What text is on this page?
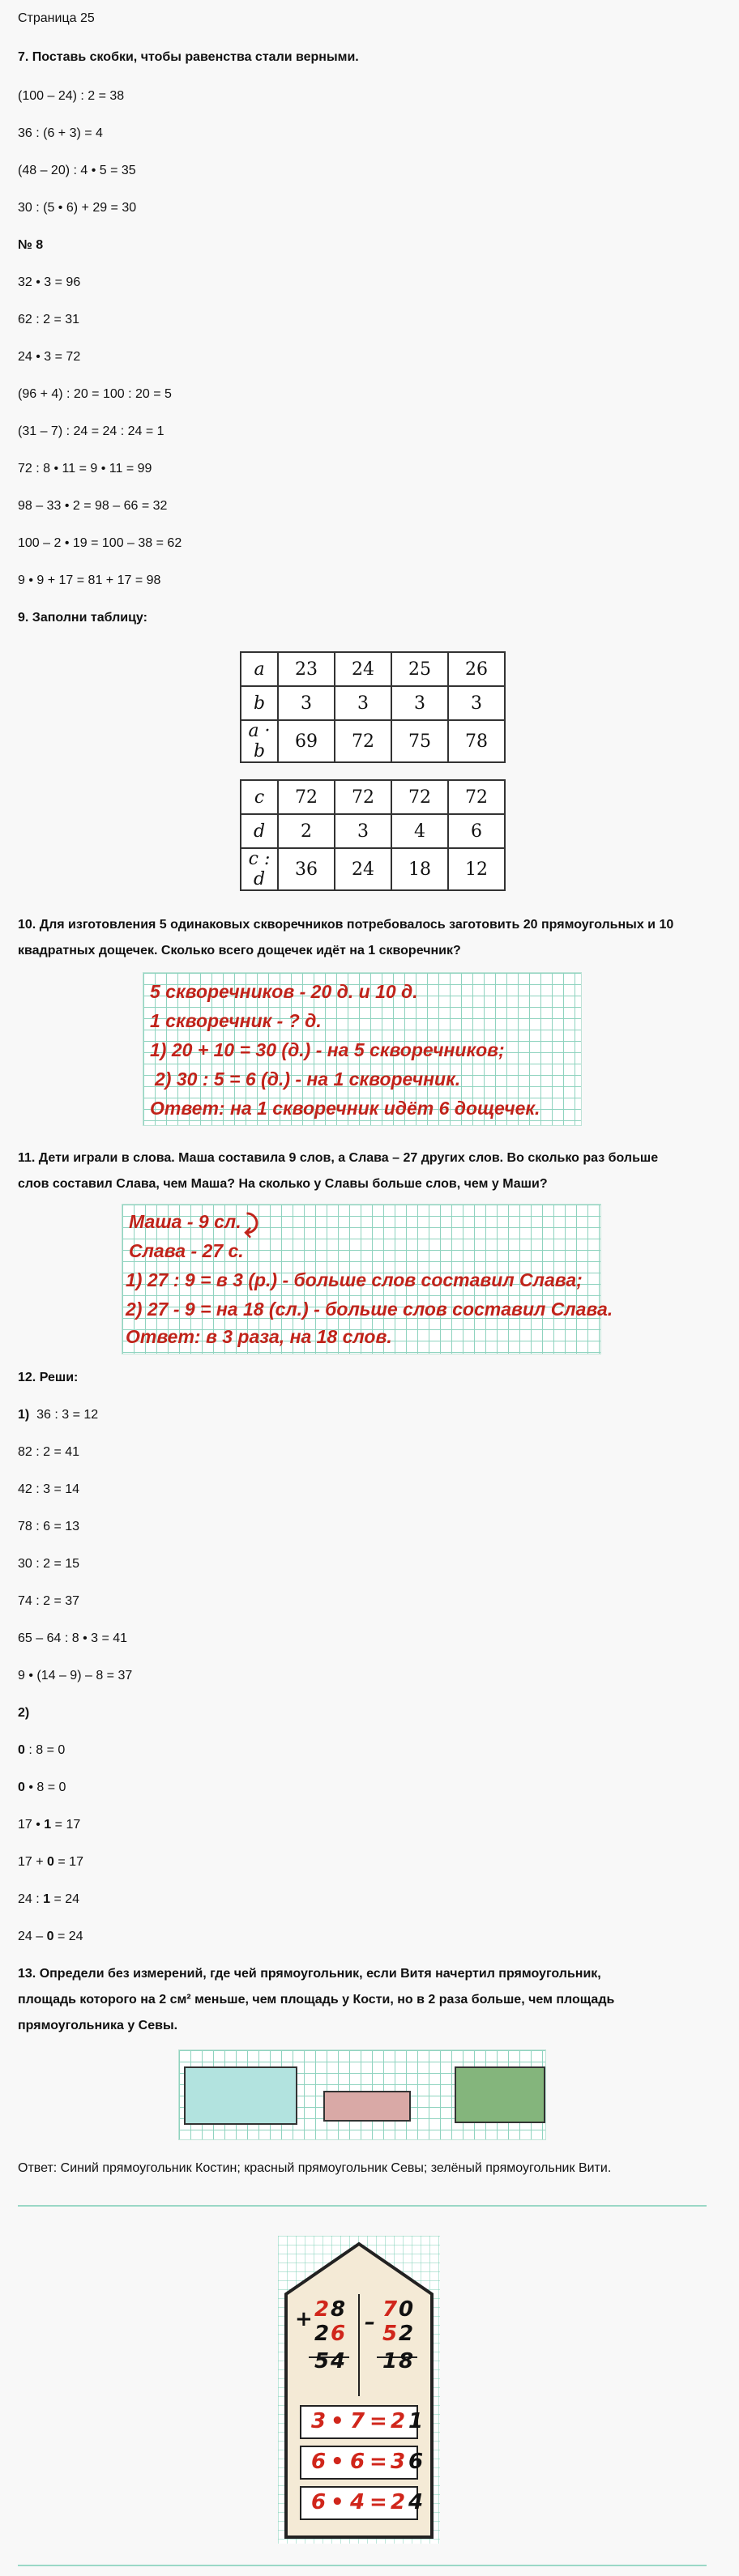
Страница 25
7. Поставь скобки, чтобы равенства стали верными.
(100 – 24) : 2 = 38
36 : (6 + 3) = 4
(48 – 20) : 4 • 5 = 35
30 : (5 • 6) + 29 = 30
№ 8
32 • 3 = 96
62 : 2 = 31
24 • 3 = 72
(96 + 4) : 20 = 100 : 20 = 5
(31 – 7) : 24 = 24 : 24 = 1
72 : 8 • 11 = 9 • 11 = 99
98 – 33 • 2 = 98 – 66 = 32
100 – 2 • 19 = 100 – 38 = 62
9 • 9 + 17 = 81 + 17 = 98
9. Заполни таблицу:
a	23	24	25	26
b	3	3	3	3
a · b	69	72	75	78
c	72	72	72	72
d	2	3	4	6
c : d	36	24	18	12
10. Для изготовления 5 одинаковых скворечников потребовалось заготовить 20 прямоугольных и 10 квадратных дощечек. Сколько всего дощечек идёт на 1 скворечник?
5 скворечников - 20 д. и 10 д.
1 скворечник - ? д.
1) 20 + 10 = 30 (д.) - на 5 скворечников;
2) 30 : 5 = 6 (д.) - на 1 скворечник.
Ответ: на 1 скворечник идёт 6 дощечек.
11. Дети играли в слова. Маша составила 9 слов, а Слава – 27 других слов. Во сколько раз больше слов составил Слава, чем Маша? На сколько у Славы больше слов, чем у Маши?
Маша - 9 сл. ⤸
Слава - 27 с.
1) 27 : 9 = в 3 (р.) - больше слов составил Слава;
2) 27 - 9 = на 18 (сл.) - больше слов составил Слава.
Ответ: в 3 раза, на 18 слов.
12. Реши:
1) 36 : 3 = 12
82 : 2 = 41
42 : 3 = 14
78 : 6 = 13
30 : 2 = 15
74 : 2 = 37
65 – 64 : 8 • 3 = 41
9 • (14 – 9) – 8 = 37
2)
0 : 8 = 0
0 • 8 = 0
17 • 1 = 17
17 + 0 = 17
24 : 1 = 24
24 – 0 = 24
13. Определи без измерений, где чей прямоугольник, если Витя начертил прямоугольник,
площадь которого на 2 см² меньше, чем площадь у Кости, но в 2 раза больше, чем площадь
прямоугольника у Севы.
Ответ: Синий прямоугольник Костин; красный прямоугольник Севы; зелёный прямоугольник Вити.
+ 2 8
2 6
5 4
–
7 0
5 2
1 8
3 • 7 = 2 1
6 • 6 = 3 6
6 • 4 = 2 4
